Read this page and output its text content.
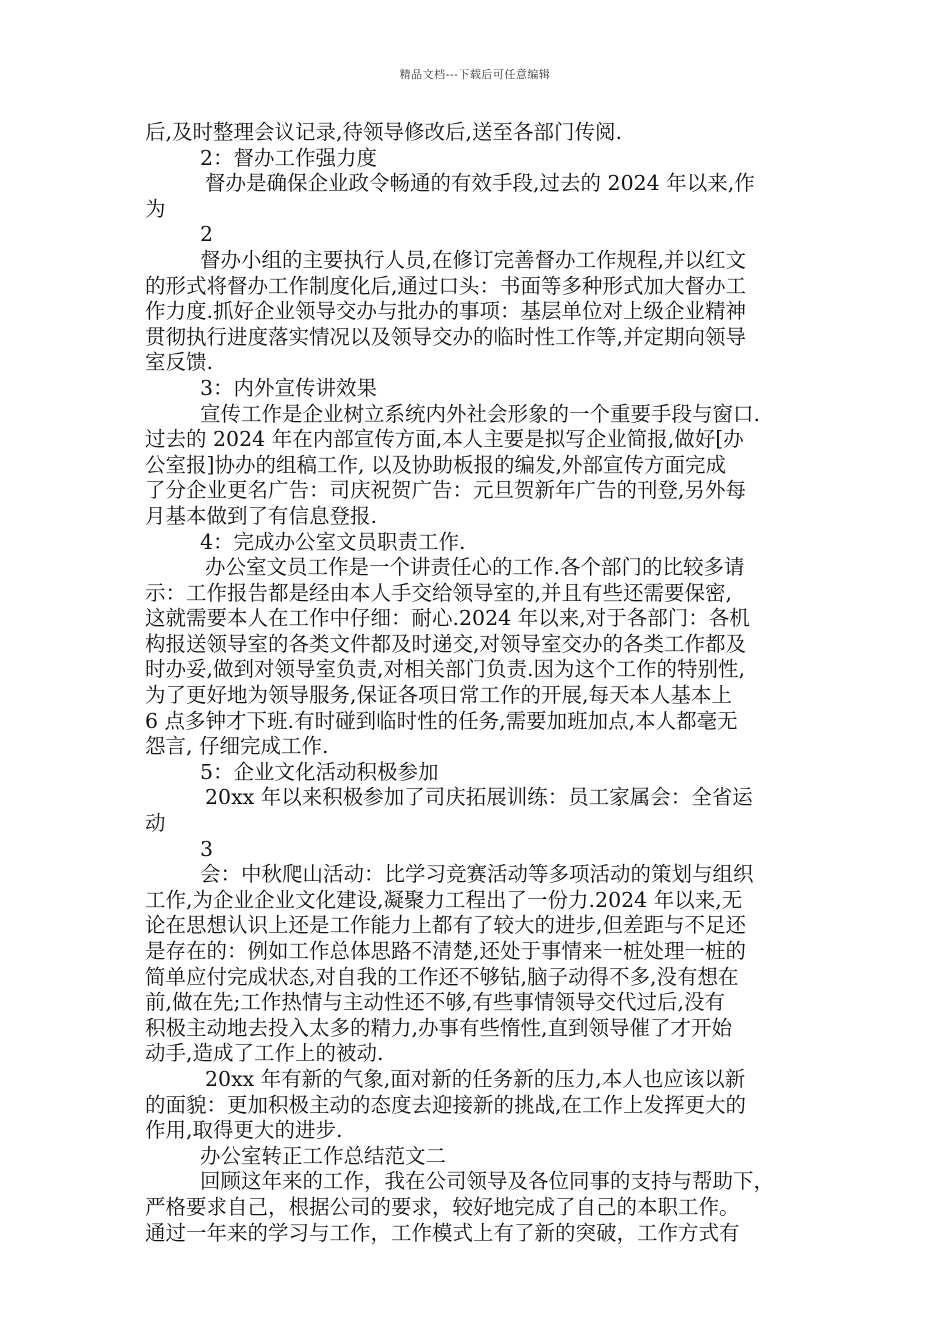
精品文档---下载后可任意编辑
后,及时整理会议记录,待领导修改后,送至各部门传阅.
2：督办工作强力度
督办是确保企业政令畅通的有效手段,过去的 2024 年以来,作
为
2
督办小组的主要执行人员,在修订完善督办工作规程,并以红文
的形式将督办工作制度化后,通过口头：书面等多种形式加大督办工
作力度.抓好企业领导交办与批办的事项：基层单位对上级企业精神
贯彻执行进度落实情况以及领导交办的临时性工作等,并定期向领导
室反馈.
3：内外宣传讲效果
宣传工作是企业树立系统内外社会形象的一个重要手段与窗口.
过去的 2024 年在内部宣传方面,本人主要是拟写企业简报,做好[办
公室报]协办的组稿工作, 以及协助板报的编发,外部宣传方面完成
了分企业更名广告：司庆祝贺广告：元旦贺新年广告的刊登,另外每
月基本做到了有信息登报.
4：完成办公室文员职责工作.
办公室文员工作是一个讲责任心的工作.各个部门的比较多请
示：工作报告都是经由本人手交给领导室的,并且有些还需要保密,
这就需要本人在工作中仔细：耐心.2024 年以来,对于各部门：各机
构报送领导室的各类文件都及时递交,对领导室交办的各类工作都及
时办妥,做到对领导室负责,对相关部门负责.因为这个工作的特别性,
为了更好地为领导服务,保证各项日常工作的开展,每天本人基本上
6 点多钟才下班.有时碰到临时性的任务,需要加班加点,本人都毫无
怨言, 仔细完成工作.
5：企业文化活动积极参加
20xx 年以来积极参加了司庆拓展训练：员工家属会：全省运
动
3
会：中秋爬山活动：比学习竞赛活动等多项活动的策划与组织
工作,为企业企业文化建设,凝聚力工程出了一份力.2024 年以来,无
论在思想认识上还是工作能力上都有了较大的进步,但差距与不足还
是存在的：例如工作总体思路不清楚,还处于事情来一桩处理一桩的
简单应付完成状态,对自我的工作还不够钻,脑子动得不多,没有想在
前,做在先;工作热情与主动性还不够,有些事情领导交代过后,没有
积极主动地去投入太多的精力,办事有些惰性,直到领导催了才开始
动手,造成了工作上的被动.
20xx 年有新的气象,面对新的任务新的压力,本人也应该以新
的面貌：更加积极主动的态度去迎接新的挑战,在工作上发挥更大的
作用,取得更大的进步.
办公室转正工作总结范文二
回顾这年来的工作，我在公司领导及各位同事的支持与帮助下，
严格要求自己，根据公司的要求，较好地完成了自己的本职工作。
通过一年来的学习与工作，工作模式上有了新的突破，工作方式有
